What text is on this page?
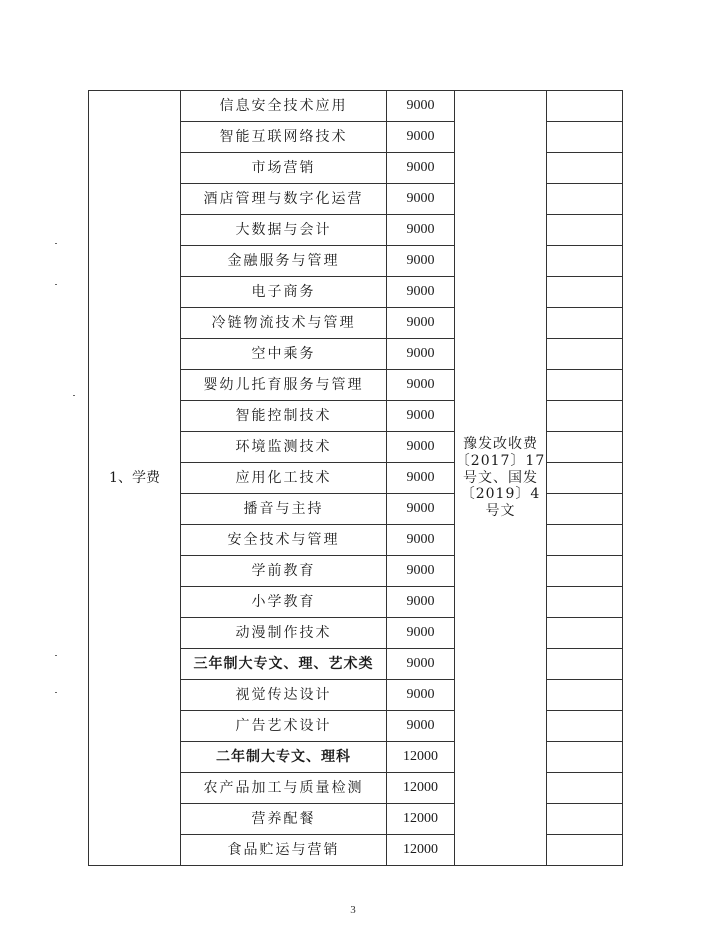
1、学费	信息安全技术应用	9000	豫发改收费
〔2017〕17
号文、国发
〔2019〕4
号文	

	智能互联网络技术	9000		
	市场营销	9000		
	酒店管理与数字化运营	9000		
	大数据与会计	9000		
	金融服务与管理	9000		
	电子商务	9000		
	冷链物流技术与管理	9000		
	空中乘务	9000		
	婴幼儿托育服务与管理	9000		
	智能控制技术	9000		
	环境监测技术	9000		
	应用化工技术	9000		
	播音与主持	9000		
	安全技术与管理	9000		
	学前教育	9000		
	小学教育	9000		
	动漫制作技术	9000		
	三年制大专文、理、艺术类	9000		
	视觉传达设计	9000		
	广告艺术设计	9000		
	二年制大专文、理科	12000		
	农产品加工与质量检测	12000		
	营养配餐	12000		
	食品贮运与营销	12000		
3
